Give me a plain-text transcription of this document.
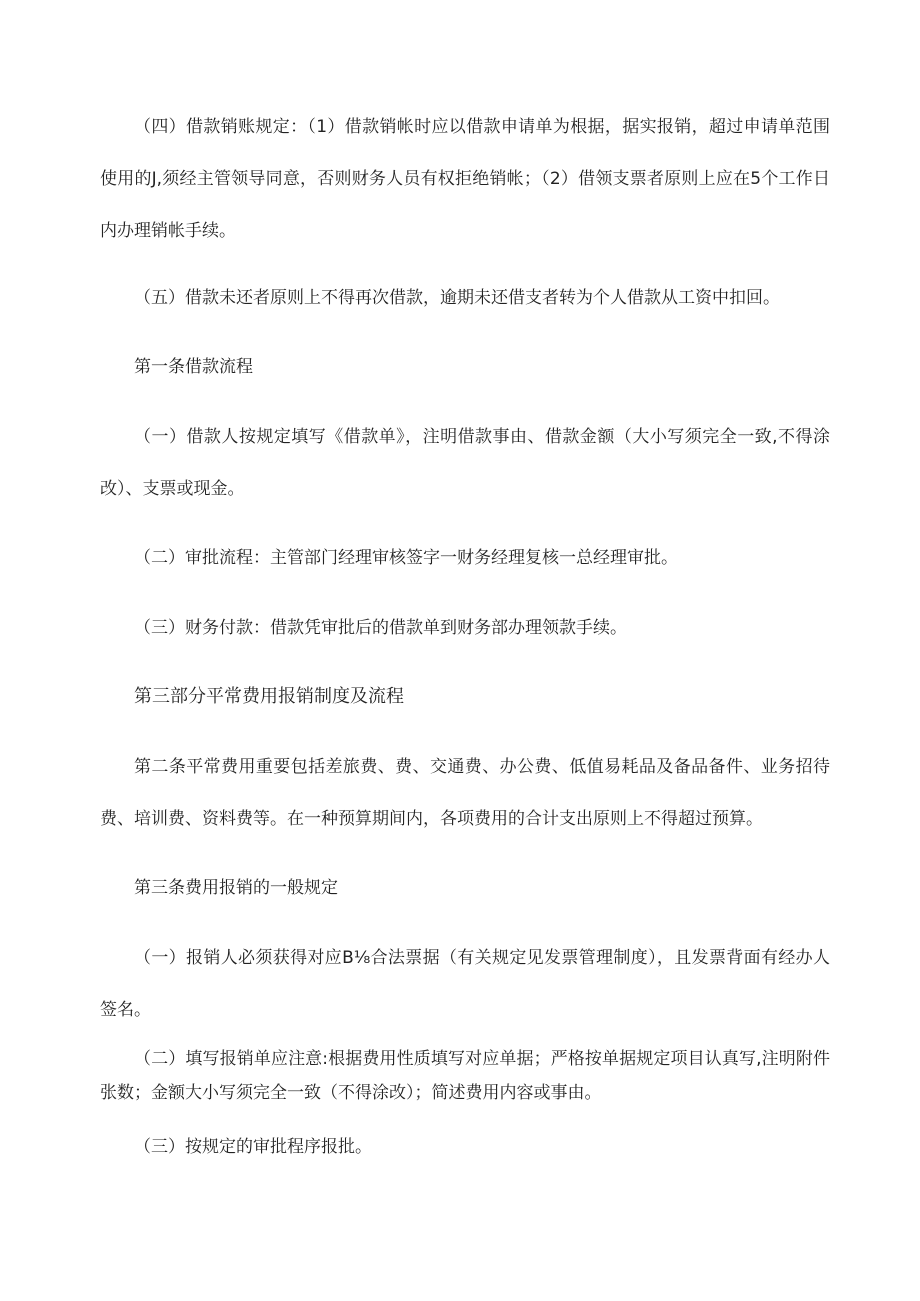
（四）借款销账规定：（1）借款销帐时应以借款申请单为根据，据实报销，超过申请单范围使用的J,须经主管领导同意，否则财务人员有权拒绝销帐；（2）借领支票者原则上应在5个工作日内办理销帐手续。

（五）借款未还者原则上不得再次借款，逾期未还借支者转为个人借款从工资中扣回。

第一条借款流程

（一）借款人按规定填写《借款单》，注明借款事由、借款金额（大小写须完全一致,不得涂改）、支票或现金。

（二）审批流程：主管部门经理审核签字一财务经理复核一总经理审批。

（三）财务付款：借款凭审批后的借款单到财务部办理领款手续。

第三部分平常费用报销制度及流程

第二条平常费用重要包括差旅费、费、交通费、办公费、低值易耗品及备品备件、业务招待费、培训费、资料费等。在一种预算期间内，各项费用的合计支出原则上不得超过预算。

第三条费用报销的一般规定

（一）报销人必须获得对应B⅛合法票据（有关规定见发票管理制度），且发票背面有经办人签名。

（二）填写报销单应注意:根据费用性质填写对应单据；严格按单据规定项目认真写,注明附件张数；金额大小写须完全一致（不得涂改）；简述费用内容或事由。

（三）按规定的审批程序报批。
